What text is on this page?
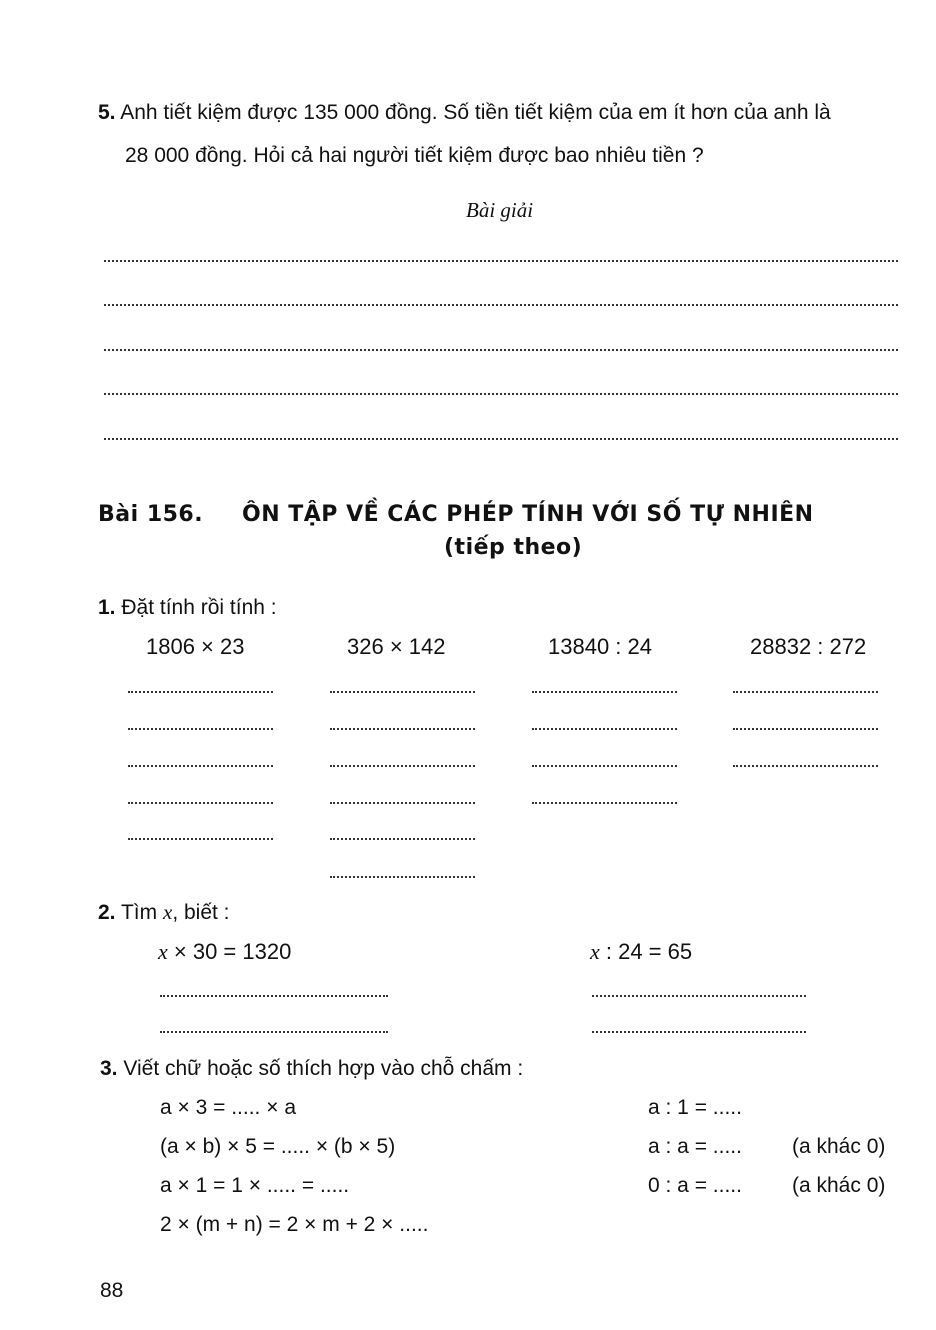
5. Anh tiết kiệm được 135 000 đồng. Số tiền tiết kiệm của em ít hơn của anh là
28 000 đồng. Hỏi cả hai người tiết kiệm được bao nhiêu tiền ?
Bài giải
Bài 156. ÔN TẬP VỀ CÁC PHÉP TÍNH VỚI SỐ TỰ NHIÊN
(tiếp theo)
1. Đặt tính rồi tính :
1806 × 23	326 × 142	13840 : 24	28832 : 272
2. Tìm x, biết :
x × 30 = 1320	x : 24 = 65
3. Viết chữ hoặc số thích hợp vào chỗ chấm :
a × 3 = ..... × a
(a × b) × 5 = ..... × (b × 5)
a × 1 = 1 × ..... = .....
2 × (m + n) = 2 × m + 2 × .....
a : 1 = .....
a : a = .....
0 : a = .....
(a khác 0)
(a khác 0)
88
